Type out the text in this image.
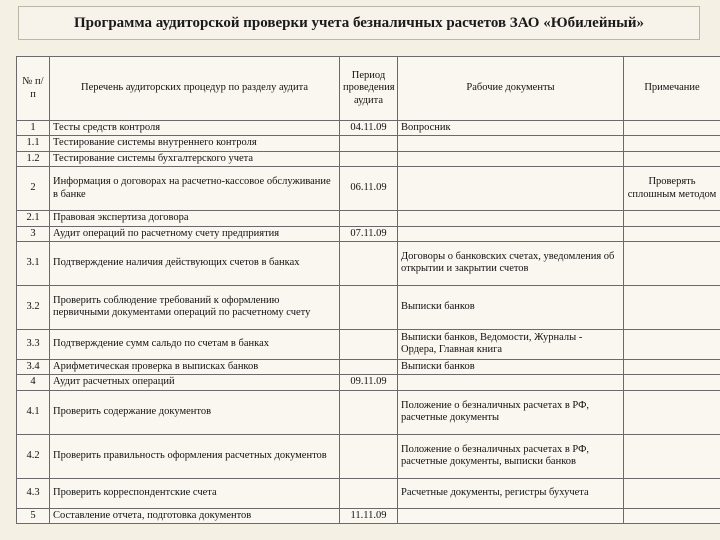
Программа аудиторской проверки учета безналичных расчетов ЗАО «Юбилейный»
№ п/п	Перечень аудиторских процедур по разделу аудита	Период проведения аудита	Рабочие документы	Примечание
1	Тесты средств контроля	04.11.09	Вопросник	
1.1	Тестирование системы внутреннего контроля			
1.2	Тестирование системы бухгалтерского учета			
2	Информация о договорах на расчетно-кассовое обслуживание в банке	06.11.09		Проверять сплошным методом
2.1	Правовая экспертиза договора			
3	Аудит операций по расчетному счету предприятия	07.11.09		
3.1	Подтверждение наличия действующих счетов в банках		Договоры о банковских счетах, уведомления об открытии и закрытии счетов	
3.2	Проверить соблюдение требований к оформлению первичными документами операций по расчетному счету		Выписки банков	
3.3	Подтверждение сумм сальдо по счетам в банках		Выписки банков, Ведомости, Журналы - Ордера, Главная книга	
3.4	Арифметическая проверка в выписках банков		Выписки банков	
4	Аудит расчетных операций	09.11.09		
4.1	Проверить содержание документов		Положение о безналичных расчетах в РФ, расчетные документы	
4.2	Проверить правильность оформления расчетных документов		Положение о безналичных расчетах в РФ, расчетные документы, выписки банков	
4.3	Проверить корреспондентские счета		Расчетные документы, регистры бухучета	
5	Составление отчета, подготовка документов	11.11.09		
